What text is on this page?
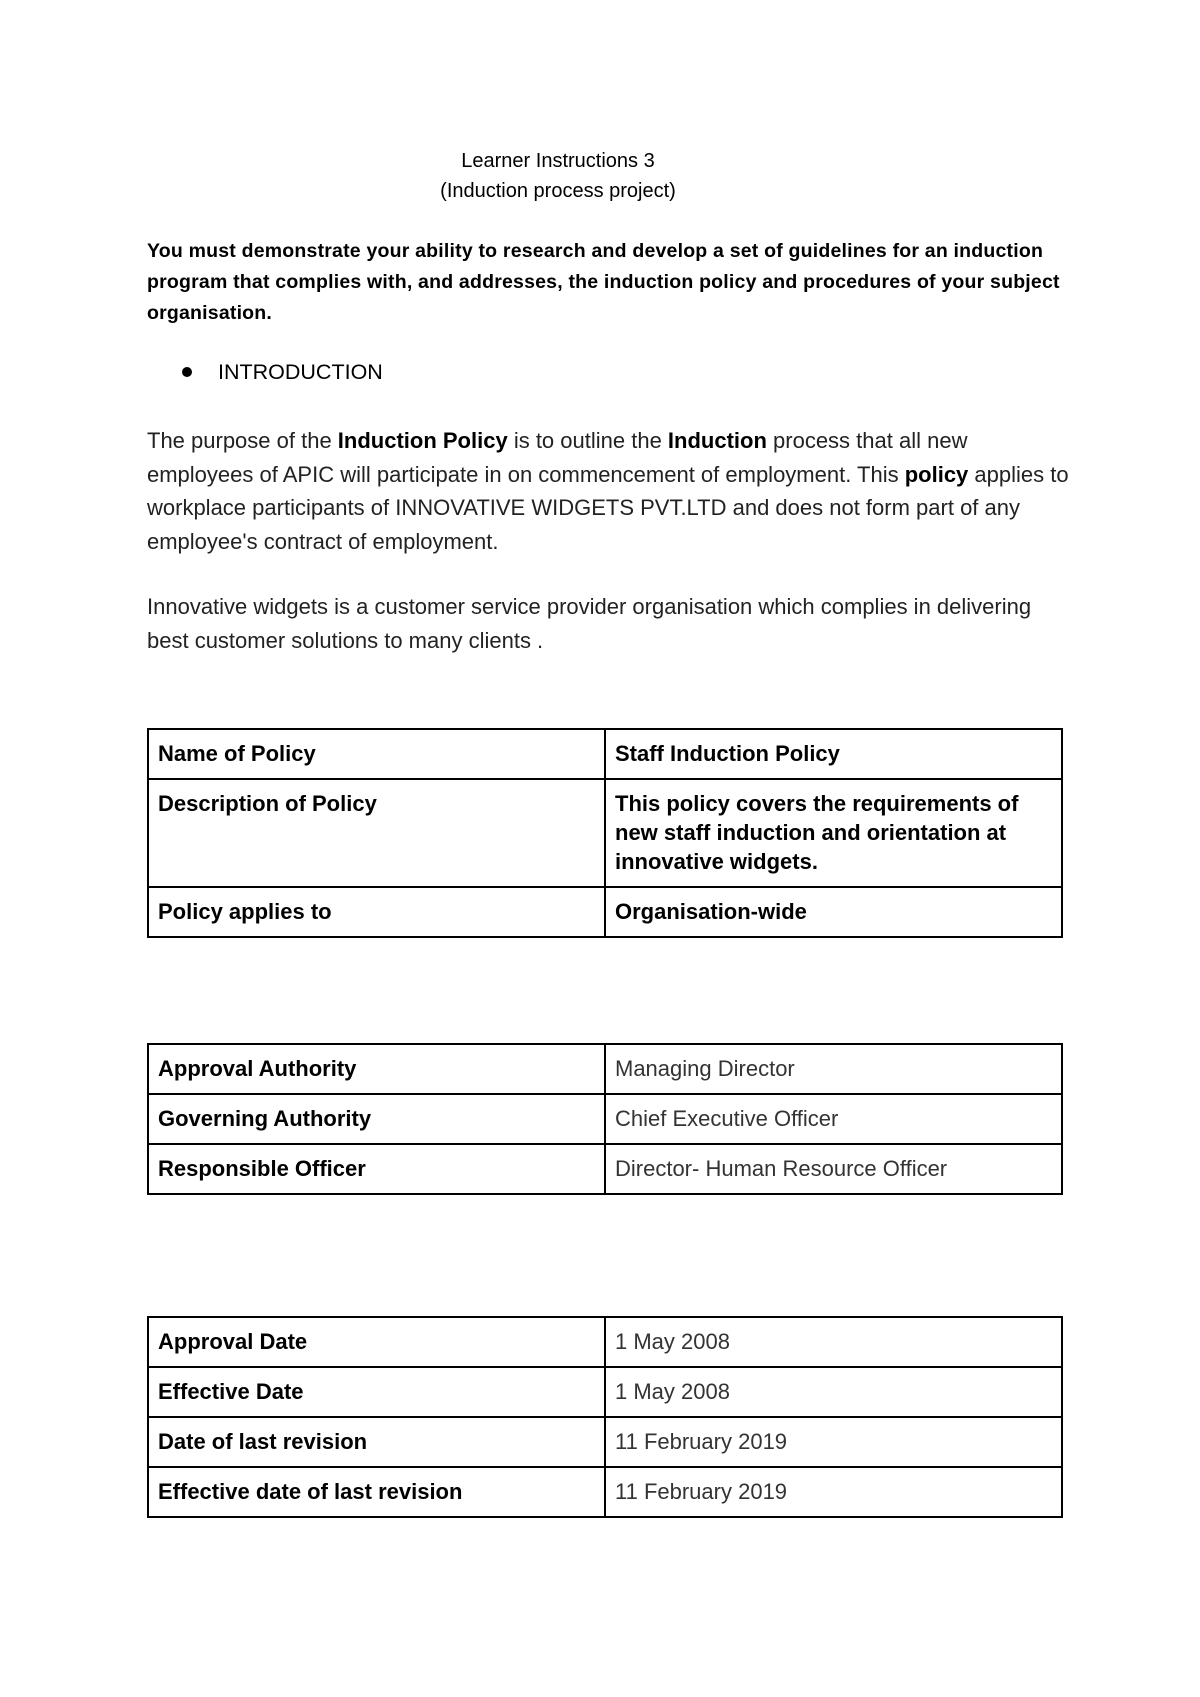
Learner Instructions 3
(Induction process project)
You must demonstrate your ability to research and develop a set of guidelines for an induction program that complies with, and addresses, the induction policy and procedures of your subject organisation.
INTRODUCTION
The purpose of the Induction Policy is to outline the Induction process that all new employees of APIC will participate in on commencement of employment. This policy applies to workplace participants of INNOVATIVE WIDGETS PVT.LTD and does not form part of any employee's contract of employment.
Innovative widgets is a customer service provider organisation which complies in delivering best customer solutions to many clients .
Name of Policy	Staff Induction Policy
Description of Policy	This policy covers the requirements of new staff induction and orientation at innovative widgets.
Policy applies to	Organisation-wide
Approval Authority	Managing Director
Governing Authority	Chief Executive Officer
Responsible Officer	Director- Human Resource Officer
Approval Date	1 May 2008
Effective Date	1 May 2008
Date of last revision	11 February 2019
Effective date of last revision	11 February 2019
